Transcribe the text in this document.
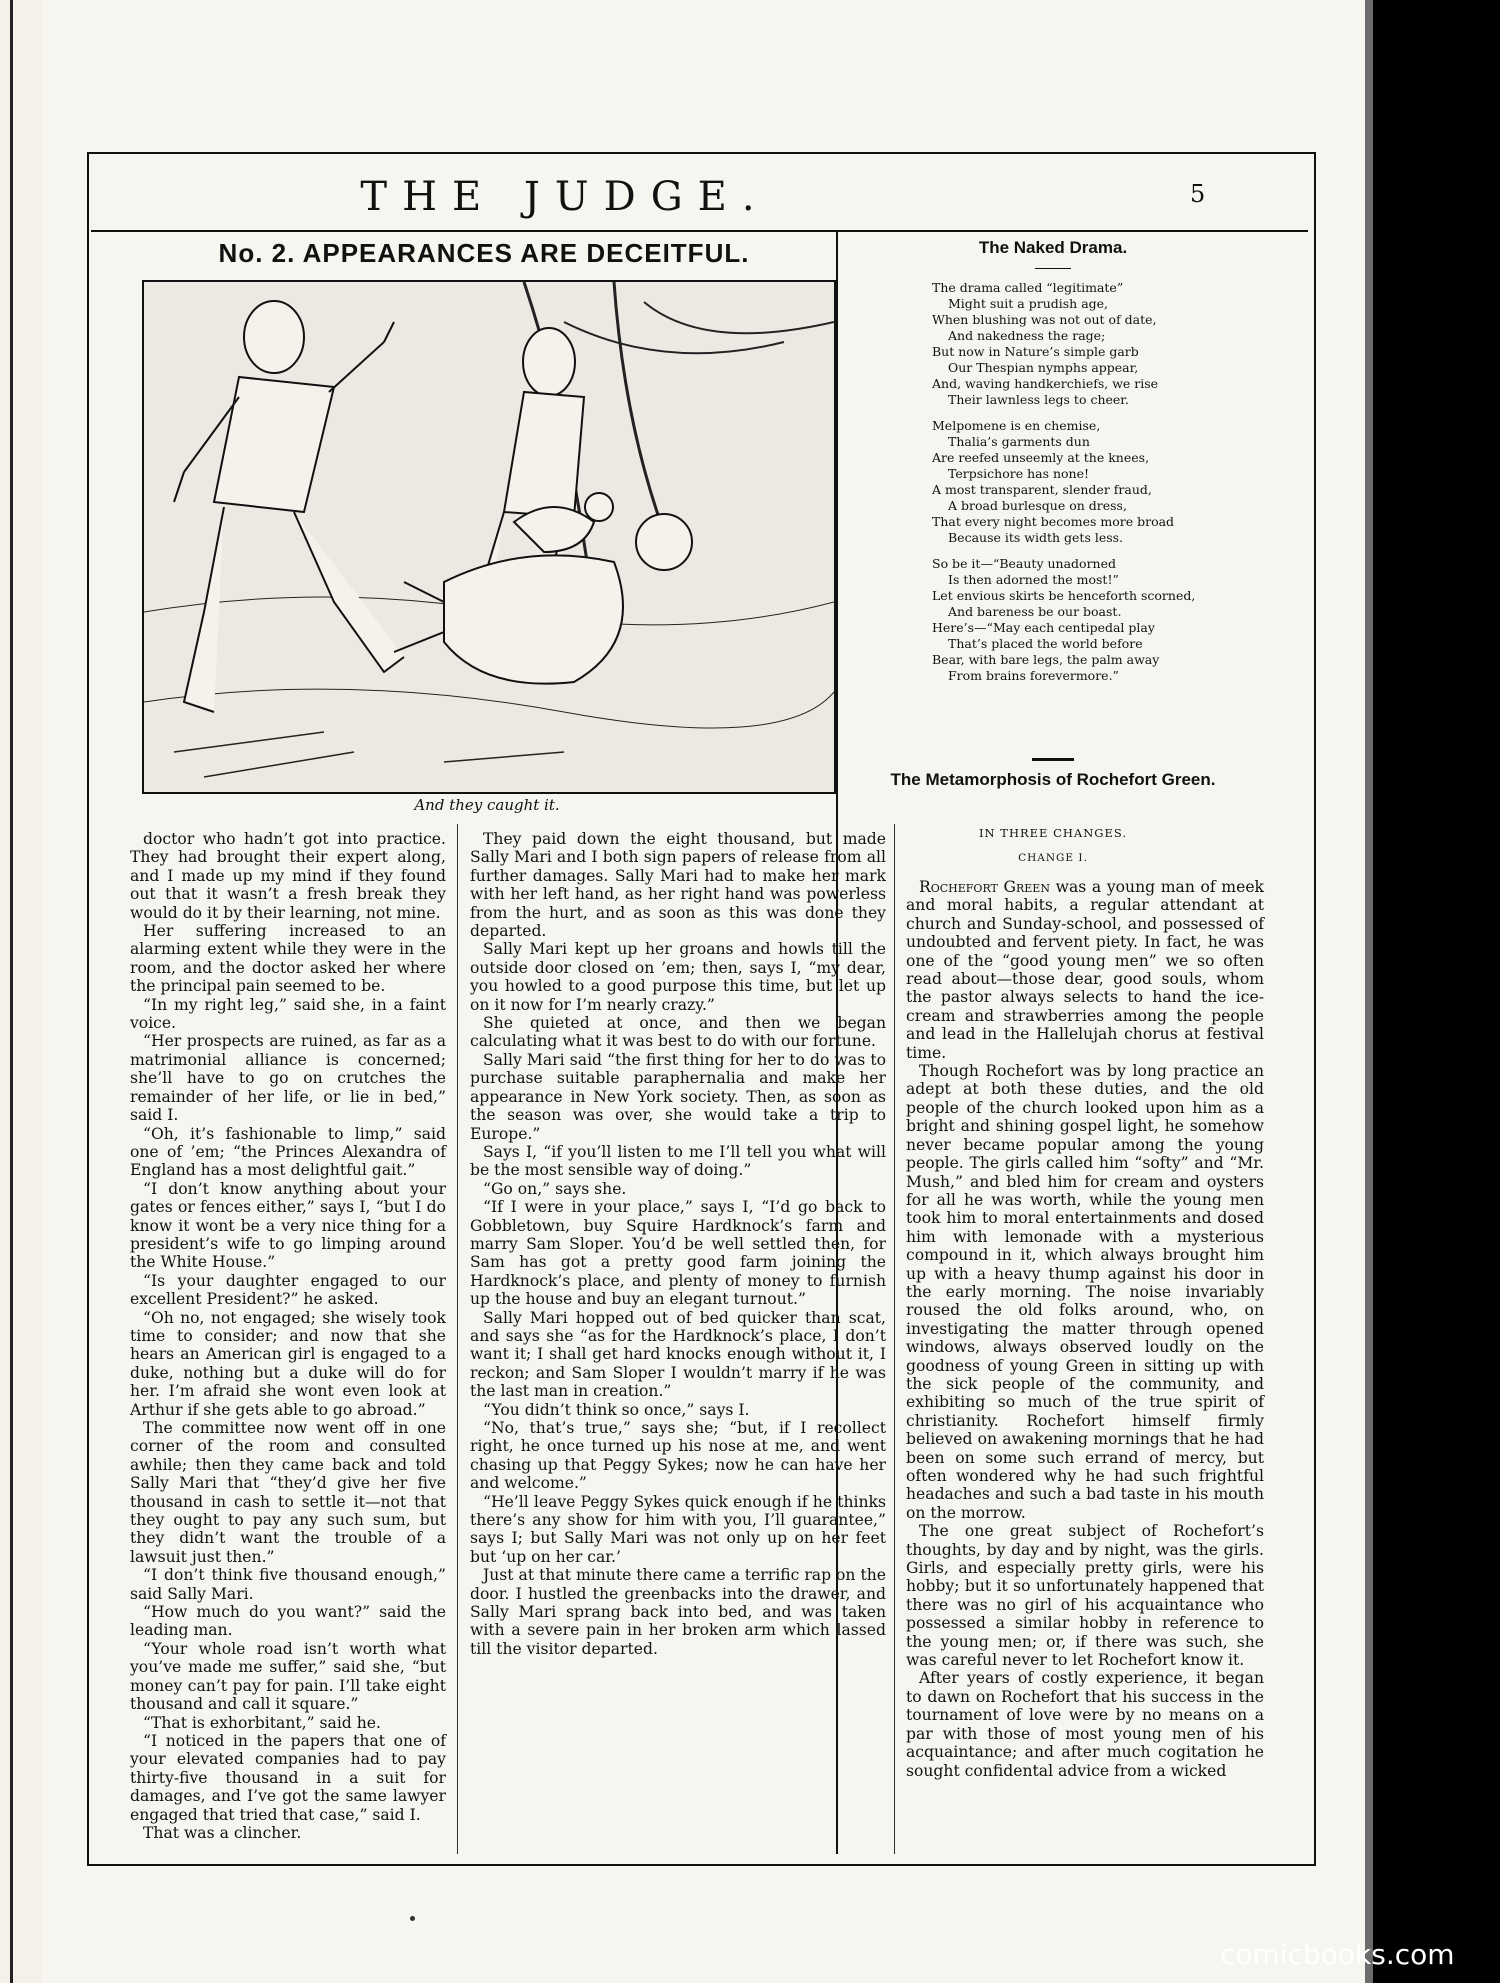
THE JUDGE.	5
No. 2. APPEARANCES ARE DECEITFUL.
And they caught it.

doctor who hadn’t got into practice. They had brought their expert along, and I made up my mind if they found out that it wasn’t a fresh break they would do it by their learning, not mine.

Her suffering increased to an alarming extent while they were in the room, and the doctor asked her where the principal pain seemed to be.

“In my right leg,” said she, in a faint voice.

“Her prospects are ruined, as far as a matrimonial alliance is concerned; she’ll have to go on crutches the remainder of her life, or lie in bed,” said I.

“Oh, it’s fashionable to limp,” said one of ’em; “the Princes Alexandra of England has a most delightful gait.”

“I don’t know anything about your gates or fences either,” says I, “but I do know it wont be a very nice thing for a president’s wife to go limping around the White House.”

“Is your daughter engaged to our excellent President?” he asked.

“Oh no, not engaged; she wisely took time to consider; and now that she hears an American girl is engaged to a duke, nothing but a duke will do for her. I’m afraid she wont even look at Arthur if she gets able to go abroad.”

The committee now went off in one corner of the room and consulted awhile; then they came back and told Sally Mari that “they’d give her five thousand in cash to settle it—not that they ought to pay any such sum, but they didn’t want the trouble of a lawsuit just then.”

“I don’t think five thousand enough,” said Sally Mari.

“How much do you want?” said the leading man.

“Your whole road isn’t worth what you’ve made me suffer,” said she, “but money can’t pay for pain. I’ll take eight thousand and call it square.”

“That is exhorbitant,” said he.

“I noticed in the papers that one of your elevated companies had to pay thirty-five thousand in a suit for damages, and I’ve got the same lawyer engaged that tried that case,” said I.

That was a clincher.

They paid down the eight thousand, but made Sally Mari and I both sign papers of release from all further damages. Sally Mari had to make her mark with her left hand, as her right hand was powerless from the hurt, and as soon as this was done they departed.

Sally Mari kept up her groans and howls till the outside door closed on ’em; then, says I, “my dear, you howled to a good purpose this time, but let up on it now for I’m nearly crazy.”

She quieted at once, and then we began calculating what it was best to do with our fortune.

Sally Mari said “the first thing for her to do was to purchase suitable paraphernalia and make her appearance in New York society. Then, as soon as the season was over, she would take a trip to Europe.”

Says I, “if you’ll listen to me I’ll tell you what will be the most sensible way of doing.”

“Go on,” says she.

“If I were in your place,” says I, “I’d go back to Gobbletown, buy Squire Hardknock’s farm and marry Sam Sloper. You’d be well settled then, for Sam has got a pretty good farm joining the Hardknock’s place, and plenty of money to furnish up the house and buy an elegant turnout.”

Sally Mari hopped out of bed quicker than scat, and says she “as for the Hardknock’s place, I don’t want it; I shall get hard knocks enough without it, I reckon; and Sam Sloper I wouldn’t marry if he was the last man in creation.”

“You didn’t think so once,” says I.

“No, that’s true,” says she; “but, if I recollect right, he once turned up his nose at me, and went chasing up that Peggy Sykes; now he can have her and welcome.”

“He’ll leave Peggy Sykes quick enough if he thinks there’s any show for him with you, I’ll guarantee,” says I; but Sally Mari was not only up on her feet but ‘up on her car.’

Just at that minute there came a terrific rap on the door. I hustled the greenbacks into the drawer, and Sally Mari sprang back into bed, and was taken with a severe pain in her broken arm which lassed till the visitor departed.

The Naked Drama.
The drama called “legitimate”
Might suit a prudish age,
When blushing was not out of date,
And nakedness the rage;
But now in Nature’s simple garb
Our Thespian nymphs appear,
And, waving handkerchiefs, we rise
Their lawnless legs to cheer.
Melpomene is en chemise,
Thalia’s garments dun
Are reefed unseemly at the knees,
Terpsichore has none!
A most transparent, slender fraud,
A broad burlesque on dress,
That every night becomes more broad
Because its width gets less.
So be it—“Beauty unadorned
Is then adorned the most!”
Let envious skirts be henceforth scorned,
And bareness be our boast.
Here’s—“May each centipedal play
That’s placed the world before
Bear, with bare legs, the palm away
From brains forevermore.”
The Metamorphosis of Rochefort Green.
IN THREE CHANGES.
CHANGE I.

Rochefort Green was a young man of meek and moral habits, a regular attendant at church and Sunday-school, and possessed of undoubted and fervent piety. In fact, he was one of the “good young men” we so often read about—those dear, good souls, whom the pastor always selects to hand the ice-cream and strawberries among the people and lead in the Hallelujah chorus at festival time.

Though Rochefort was by long practice an adept at both these duties, and the old people of the church looked upon him as a bright and shining gospel light, he somehow never became popular among the young people. The girls called him “softy” and “Mr. Mush,” and bled him for cream and oysters for all he was worth, while the young men took him to moral entertainments and dosed him with lemonade with a mysterious compound in it, which always brought him up with a heavy thump against his door in the early morning. The noise invariably roused the old folks around, who, on investigating the matter through opened windows, always observed loudly on the goodness of young Green in sitting up with the sick people of the community, and exhibiting so much of the true spirit of christianity. Rochefort himself firmly believed on awakening mornings that he had been on some such errand of mercy, but often wondered why he had such frightful headaches and such a bad taste in his mouth on the morrow.

The one great subject of Rochefort’s thoughts, by day and by night, was the girls. Girls, and especially pretty girls, were his hobby; but it so unfortunately happened that there was no girl of his acquaintance who possessed a similar hobby in reference to the young men; or, if there was such, she was careful never to let Rochefort know it.

After years of costly experience, it began to dawn on Rochefort that his success in the tournament of love were by no means on a par with those of most young men of his acquaintance; and after much cogitation he sought confidental advice from a wicked

comicbooks.com
